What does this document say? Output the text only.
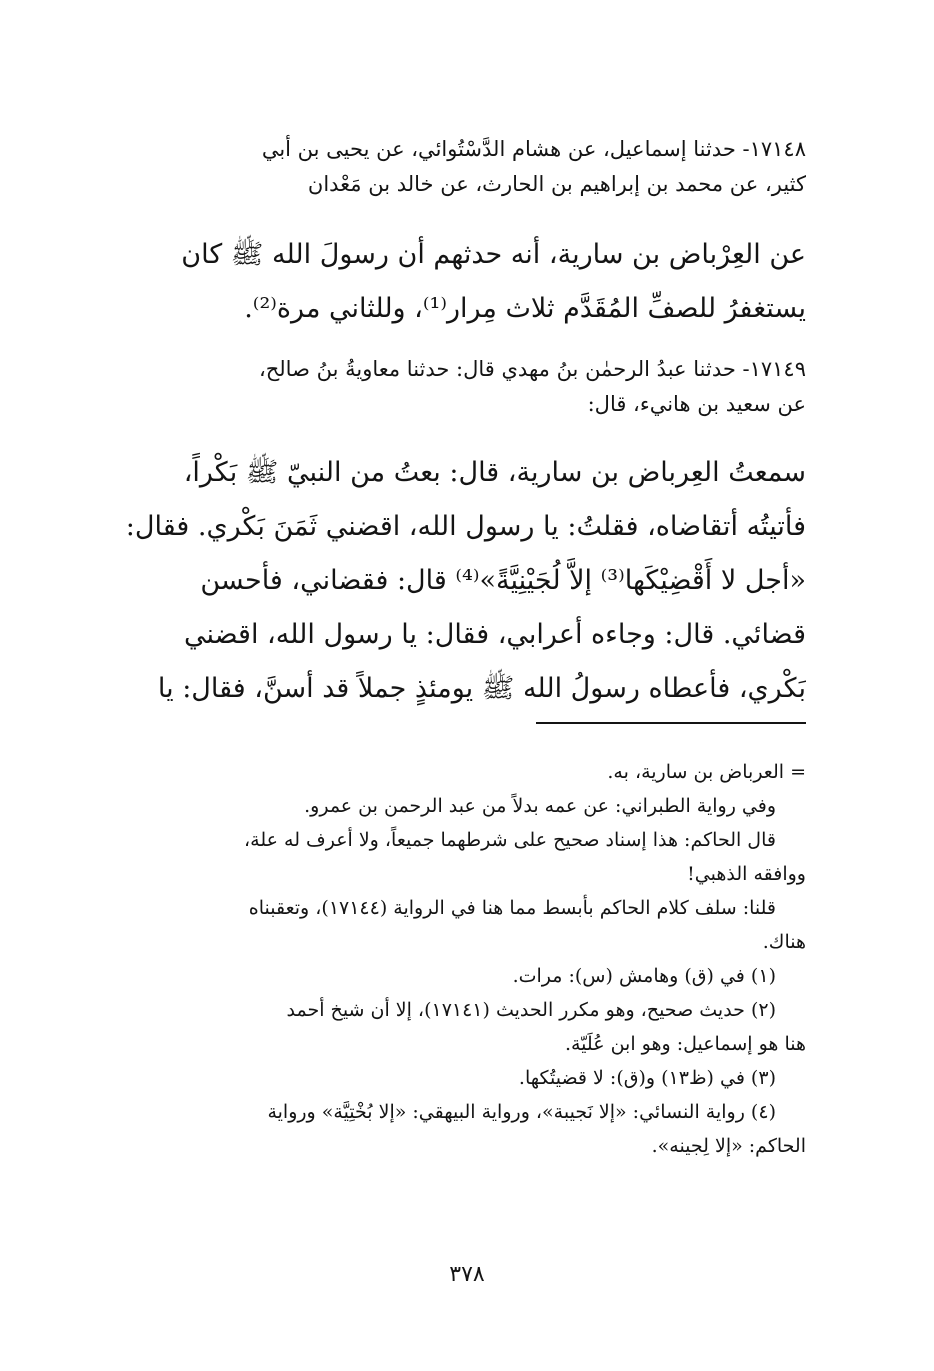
١٧١٤٨- حدثنا إسماعيل، عن هشام الدَّسْتُوائي، عن يحيى بن أبي
كثير، عن محمد بن إبراهيم بن الحارث، عن خالد بن مَعْدان
عن العِرْباض بن سارية، أنه حدثهم أن رسولَ الله ﷺ كان
يستغفرُ للصفِّ المُقَدَّم ثلاث مِرار⁽¹⁾، وللثاني مرة⁽²⁾.
١٧١٤٩- حدثنا عبدُ الرحمٰن بنُ مهدي قال: حدثنا معاويةُ بنُ صالح،
عن سعيد بن هانيء، قال:
سمعتُ العِرباض بن سارية، قال: بعتُ من النبيّ ﷺ بَكْراً،
فأتيتُه أتقاضاه، فقلتُ: يا رسول الله، اقضني ثَمَنَ بَكْري. فقال:
«أجل لا أَقْضِيْكَها⁽³⁾ إلاَّ لُجَيْنِيَّةً»⁽⁴⁾ قال: فقضاني، فأحسن
قضائي. قال: وجاءه أعرابي، فقال: يا رسول الله، اقضني
بَكْري، فأعطاه رسولُ الله ﷺ يومئذٍ جملاً قد أسنَّ، فقال: يا
= العرباض بن سارية، به.
وفي رواية الطبراني: عن عمه بدلاً من عبد الرحمن بن عمرو.
قال الحاكم: هذا إسناد صحيح على شرطهما جميعاً، ولا أعرف له علة،
ووافقه الذهبي!
قلنا: سلف كلام الحاكم بأبسط مما هنا في الرواية (١٧١٤٤)، وتعقبناه
هناك.
(١) في (ق) وهامش (س): مرات.
(٢) حديث صحيح، وهو مكرر الحديث (١٧١٤١)، إلا أن شيخ أحمد
هنا هو إسماعيل: وهو ابن عُلَيّة.
(٣) في (ظ١٣) و(ق): لا قضيتُكها.
(٤) رواية النسائي: «إلا نَجيبة»، ورواية البيهقي: «إلا بُخْتِيَّة» ورواية
الحاكم: «إلا لِجينه».
٣٧٨
